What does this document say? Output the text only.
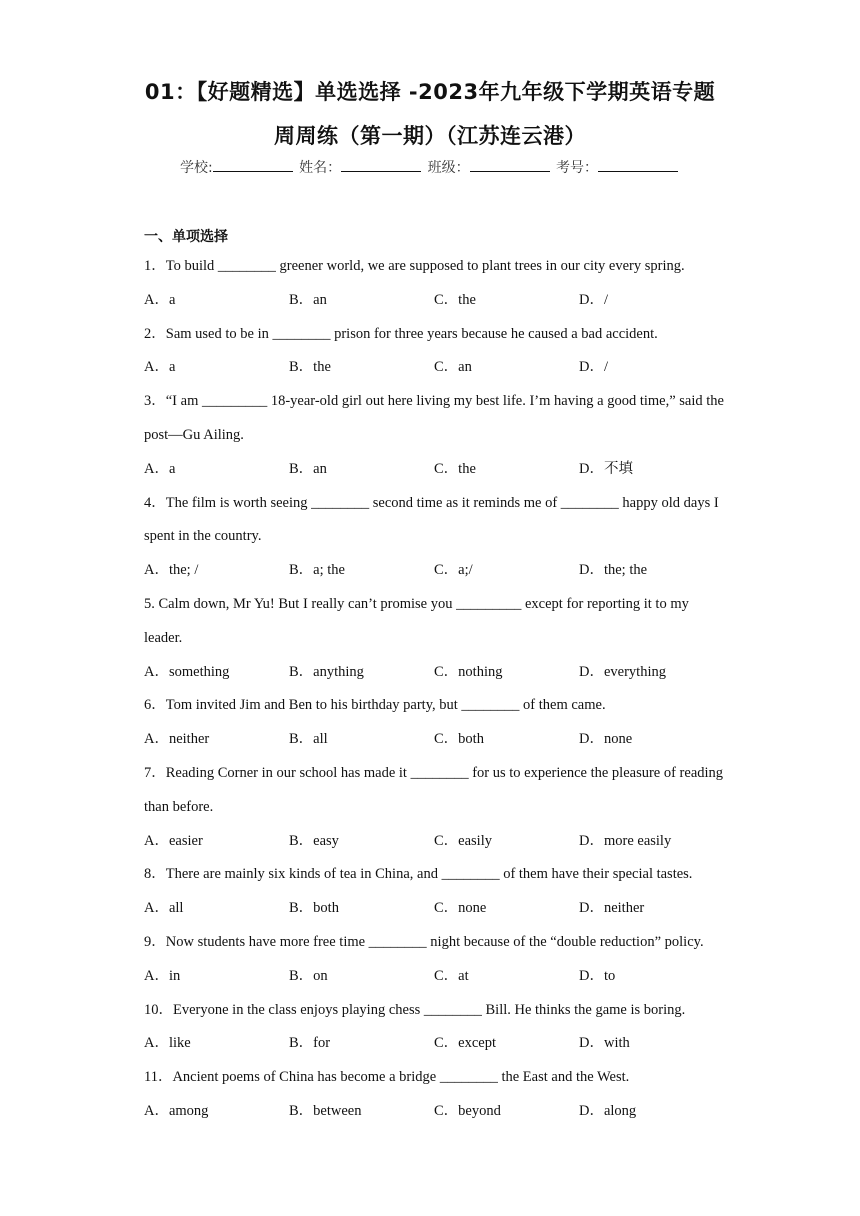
01：【好题精选】单选选择 -2023年九年级下学期英语专题
周周练（第一期）（江苏连云港）
学校:	姓名：	班级：	考号：
一、单项选择

1．To build ________ greener world, we are supposed to plant trees in our city every spring.

A．a	B．an	C．the	D．/

2．Sam used to be in ________ prison for three years because he caused a bad accident.

A．a	B．the	C．an	D．/

3．“I am _________ 18-year-old girl out here living my best life. I’m having a good time,” said the post—Gu Ailing.

A．a	B．an	C．the	D．不填

4．The film is worth seeing ________ second time as it reminds me of ________ happy old days I spent in the country.

A．the; /	B．a; the	C．a;/	D．the; the

5. Calm down, Mr Yu! But I really can’t promise you _________ except for reporting it to my leader.

A．something	B．anything	C．nothing	D．everything

6．Tom invited Jim and Ben to his birthday party, but ________ of them came.

A．neither	B．all	C．both	D．none

7．Reading Corner in our school has made it ________ for us to experience the pleasure of reading than before.

A．easier	B．easy	C．easily	D．more easily

8．There are mainly six kinds of tea in China, and ________ of them have their special tastes.

A．all	B．both	C．none	D．neither

9．Now students have more free time ________ night because of the “double reduction” policy.

A．in	B．on	C．at	D．to

10．Everyone in the class enjoys playing chess ________ Bill. He thinks the game is boring.

A．like	B．for	C．except	D．with

11．Ancient poems of China has become a bridge ________ the East and the West.

A．among	B．between	C．beyond	D．along
